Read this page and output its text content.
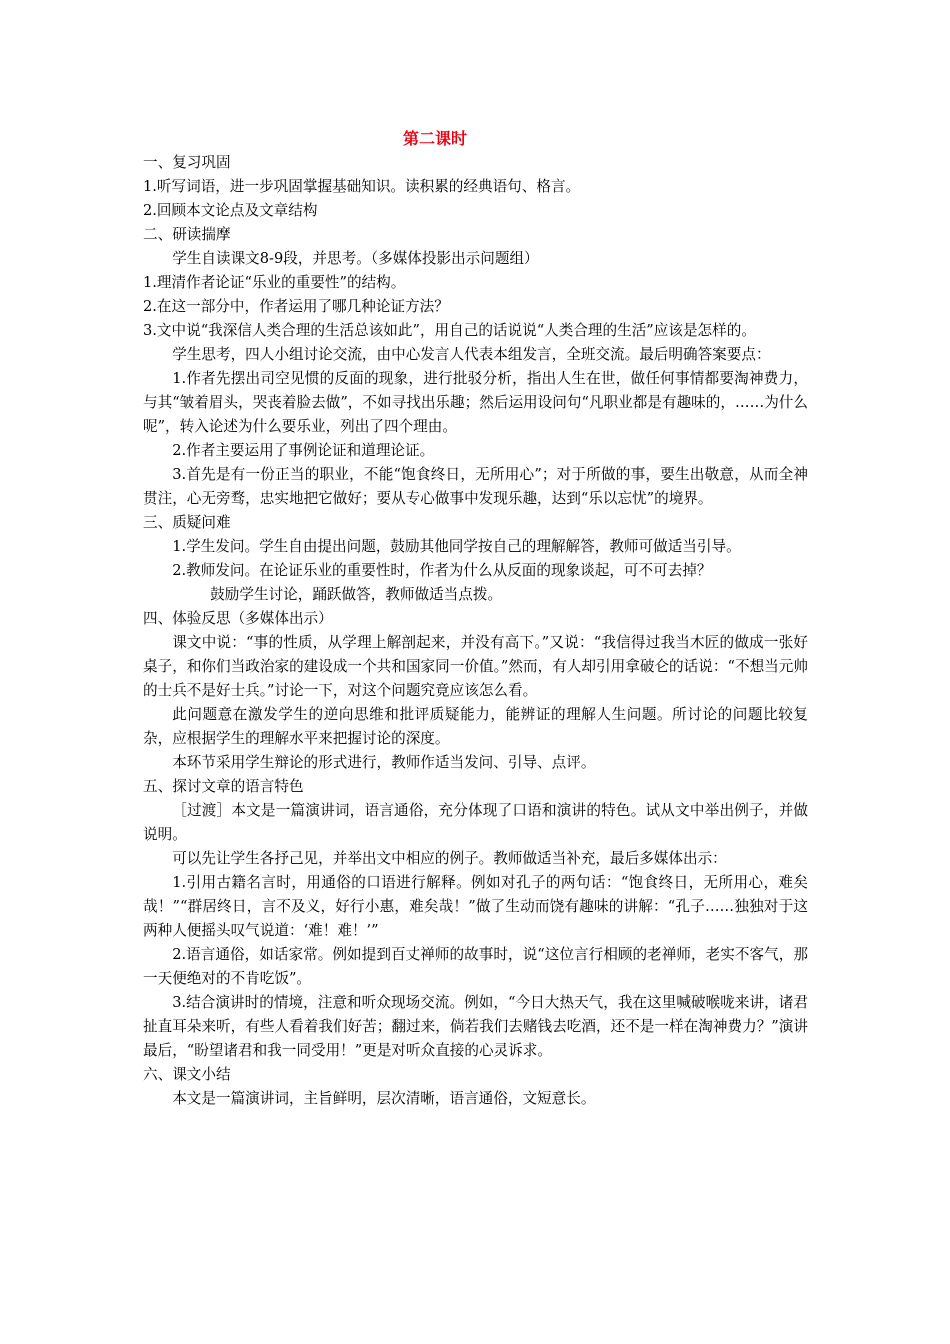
第二课时

一、复习巩固

1.听写词语，进一步巩固掌握基础知识。读积累的经典语句、格言。

2.回顾本文论点及文章结构

二、研读揣摩

学生自读课文8-9段，并思考。（多媒体投影出示问题组）

1.理清作者论证“乐业的重要性”的结构。

2.在这一部分中，作者运用了哪几种论证方法？

3.文中说“我深信人类合理的生活总该如此”，用自己的话说说“人类合理的生活”应该是怎样的。

学生思考，四人小组讨论交流，由中心发言人代表本组发言，全班交流。最后明确答案要点：

1.作者先摆出司空见惯的反面的现象，进行批驳分析，指出人生在世，做任何事情都要淘神费力，与其“皱着眉头，哭丧着脸去做”，不如寻找出乐趣；然后运用设问句“凡职业都是有趣味的，……为什么呢”，转入论述为什么要乐业，列出了四个理由。

2.作者主要运用了事例论证和道理论证。

3.首先是有一份正当的职业，不能“饱食终日，无所用心”；对于所做的事，要生出敬意，从而全神贯注，心无旁骛，忠实地把它做好；要从专心做事中发现乐趣，达到“乐以忘忧”的境界。

三、质疑问难

1.学生发问。学生自由提出问题，鼓励其他同学按自己的理解解答，教师可做适当引导。

2.教师发问。在论证乐业的重要性时，作者为什么从反面的现象谈起，可不可去掉？

鼓励学生讨论，踊跃做答，教师做适当点拨。

四、体验反思（多媒体出示）

课文中说：“事的性质，从学理上解剖起来，并没有高下。”又说：“我信得过我当木匠的做成一张好桌子，和你们当政治家的建设成一个共和国家同一价值。”然而，有人却引用拿破仑的话说：“不想当元帅的士兵不是好士兵。”讨论一下，对这个问题究竟应该怎么看。

此问题意在激发学生的逆向思维和批评质疑能力，能辨证的理解人生问题。所讨论的问题比较复杂，应根据学生的理解水平来把握讨论的深度。

本环节采用学生辩论的形式进行，教师作适当发问、引导、点评。

五、探讨文章的语言特色

［过渡］本文是一篇演讲词，语言通俗，充分体现了口语和演讲的特色。试从文中举出例子，并做说明。

可以先让学生各抒己见，并举出文中相应的例子。教师做适当补充，最后多媒体出示：

1.引用古籍名言时，用通俗的口语进行解释。例如对孔子的两句话：“饱食终日，无所用心，难矣哉！”“群居终日，言不及义，好行小惠，难矣哉！”做了生动而饶有趣味的讲解：“孔子……独独对于这两种人便摇头叹气说道：‘难！难！’”

2.语言通俗，如话家常。例如提到百丈禅师的故事时，说“这位言行相顾的老禅师，老实不客气，那一天便绝对的不肯吃饭”。

3.结合演讲时的情境，注意和听众现场交流。例如，“今日大热天气，我在这里喊破喉咙来讲，诸君扯直耳朵来听，有些人看着我们好苦；翻过来，倘若我们去赌钱去吃酒，还不是一样在淘神费力？”演讲最后，“盼望诸君和我一同受用！”更是对听众直接的心灵诉求。

六、课文小结

本文是一篇演讲词，主旨鲜明，层次清晰，语言通俗，文短意长。
